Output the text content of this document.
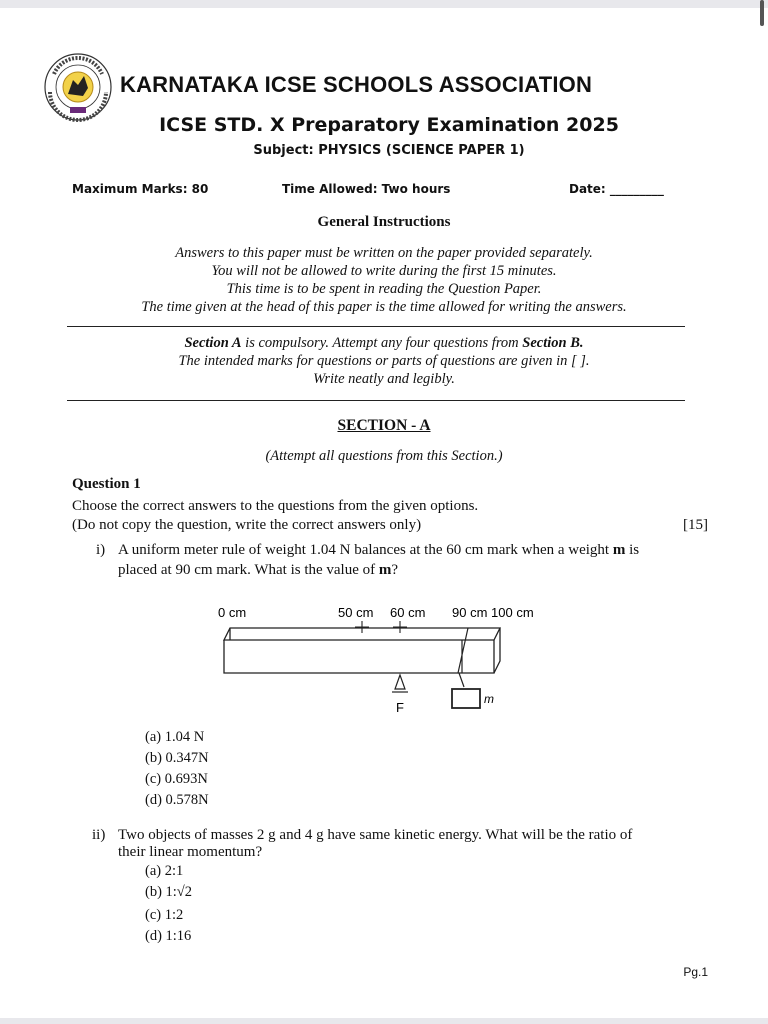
KARNATAKA ICSE SCHOOLS ASSOCIATION
ICSE STD. X Preparatory Examination 2025
Subject: PHYSICS (SCIENCE PAPER 1)
Maximum Marks: 80	Time Allowed: Two hours	Date: _________
General Instructions
Answers to this paper must be written on the paper provided separately.
You will not be allowed to write during the first 15 minutes.
This time is to be spent in reading the Question Paper.
The time given at the head of this paper is the time allowed for writing the answers.
Section A is compulsory. Attempt any four questions from Section B.
The intended marks for questions or parts of questions are given in [ ].
Write neatly and legibly.
SECTION - A
(Attempt all questions from this Section.)
Question 1
Choose the correct answers to the questions from the given options.
(Do not copy the question, write the correct answers only)	[15]
i) A uniform meter rule of weight 1.04 N balances at the 60 cm mark when a weight m is
placed at 90 cm mark. What is the value of m?
0 cm	50 cm 60 cm 90 cm 100 cm
m
F
(a) 1.04 N
(b) 0.347N
(c) 0.693N
(d) 0.578N
ii) Two objects of masses 2 g and 4 g have same kinetic energy. What will be the ratio of
their linear momentum?
(a) 2:1
(b) 1:√2
(c) 1:2
(d) 1:16
Pg.1
